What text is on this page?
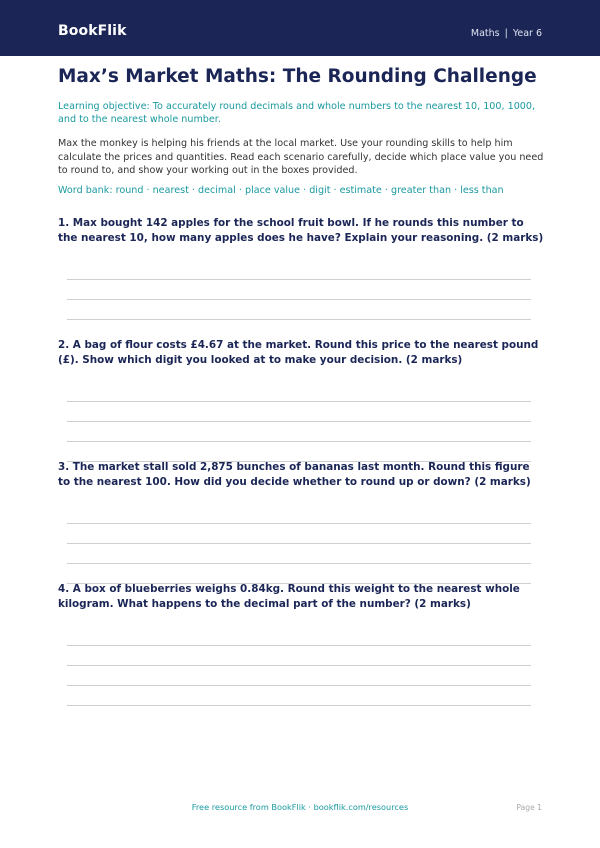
BookFlik	Maths | Year 6
Max’s Market Maths: The Rounding Challenge
Learning objective: To accurately round decimals and whole numbers to the nearest 10, 100, 1000, and to the nearest whole number.
Max the monkey is helping his friends at the local market. Use your rounding skills to help him calculate the prices and quantities. Read each scenario carefully, decide which place value you need to round to, and show your working out in the boxes provided.
Word bank: round · nearest · decimal · place value · digit · estimate · greater than · less than
1. Max bought 142 apples for the school fruit bowl. If he rounds this number to the nearest 10, how many apples does he have? Explain your reasoning. (2 marks)
2. A bag of flour costs £4.67 at the market. Round this price to the nearest pound (£). Show which digit you looked at to make your decision. (2 marks)
3. The market stall sold 2,875 bunches of bananas last month. Round this figure to the nearest 100. How did you decide whether to round up or down? (2 marks)
4. A box of blueberries weighs 0.84kg. Round this weight to the nearest whole kilogram. What happens to the decimal part of the number? (2 marks)
Free resource from BookFlik · bookflik.com/resources	Page 1
